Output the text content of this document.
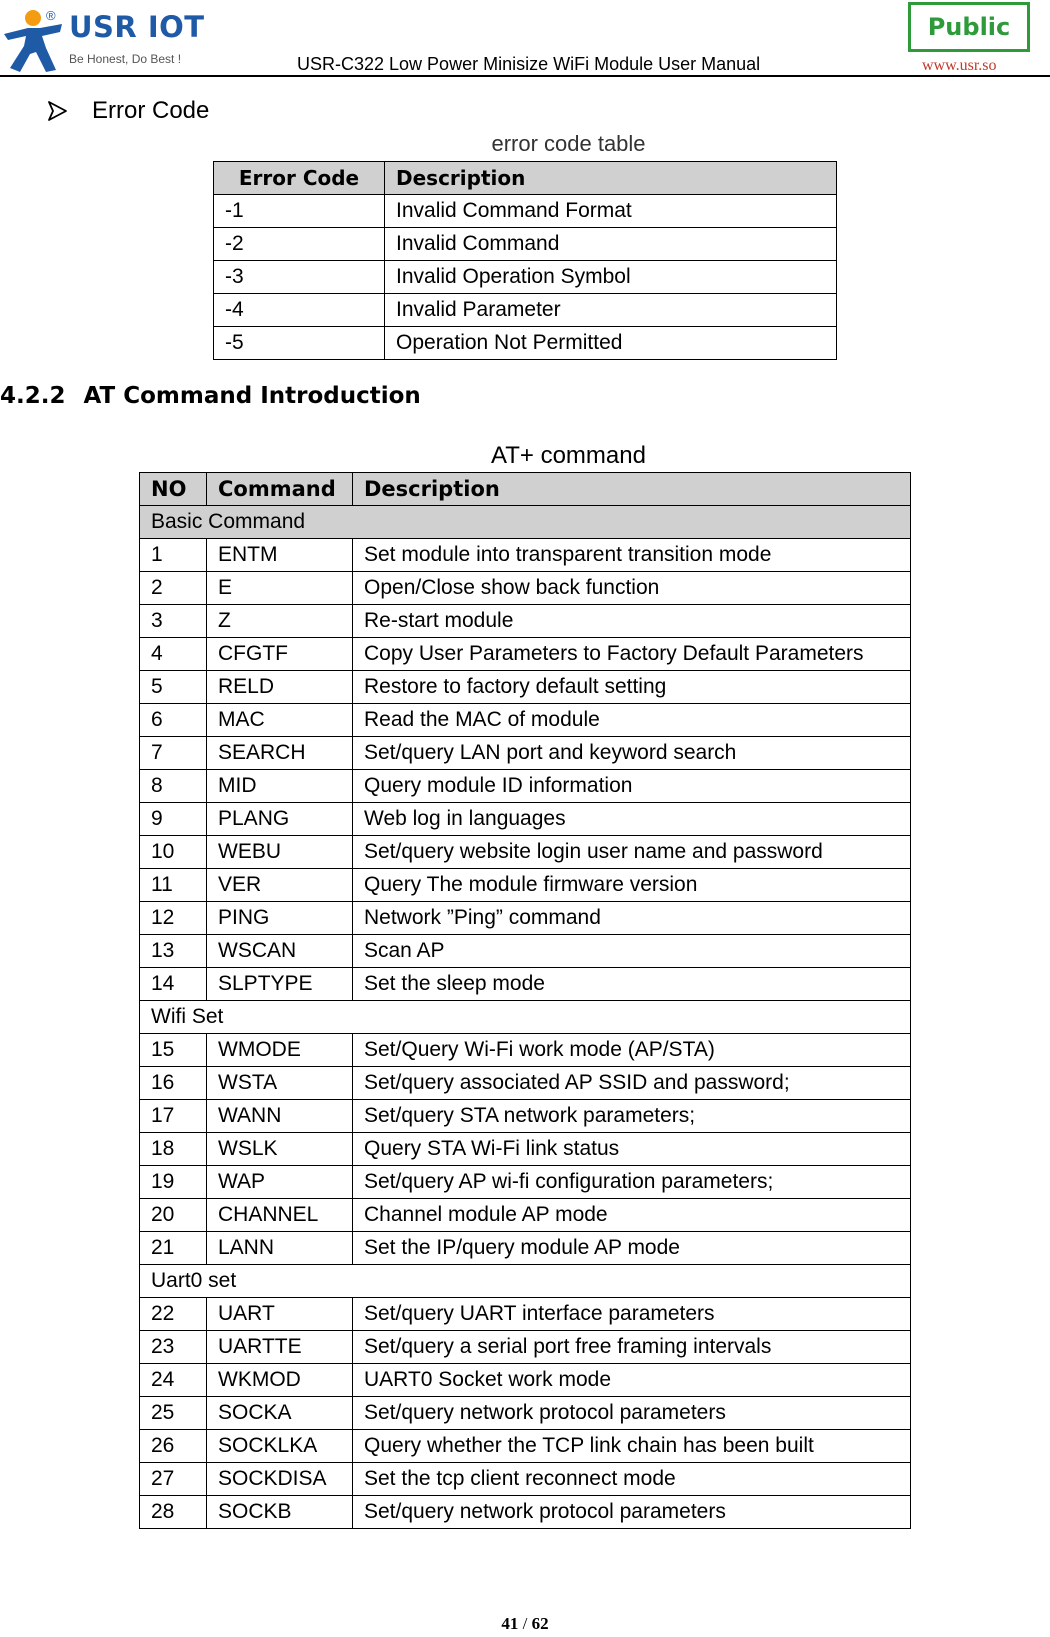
® USR IOT
Be Honest, Do Best !	USR-C322 Low Power Minisize WiFi Module User Manual
Public
www.usr.so
Error Code
error code table
Error Code	Description
-1	Invalid Command Format
-2	Invalid Command
-3	Invalid Operation Symbol
-4	Invalid Parameter
-5	Operation Not Permitted
4.2.2 AT Command Introduction
AT+ command
NO	Command	Description
Basic Command		
1	ENTM	Set module into transparent transition mode
2	E	Open/Close show back function
3	Z	Re-start module
4	CFGTF	Copy User Parameters to Factory Default Parameters
5	RELD	Restore to factory default setting
6	MAC	Read the MAC of module
7	SEARCH	Set/query LAN port and keyword search
8	MID	Query module ID information
9	PLANG	Web log in languages
10	WEBU	Set/query website login user name and password
11	VER	Query The module firmware version
12	PING	Network ”Ping” command
13	WSCAN	Scan AP
14	SLPTYPE	Set the sleep mode
Wifi Set		
15	WMODE	Set/Query Wi-Fi work mode (AP/STA)
16	WSTA	Set/query associated AP SSID and password;
17	WANN	Set/query STA network parameters;
18	WSLK	Query STA Wi-Fi link status
19	WAP	Set/query AP wi-fi configuration parameters;
20	CHANNEL	Channel module AP mode
21	LANN	Set the IP/query module AP mode
Uart0 set		
22	UART	Set/query UART interface parameters
23	UARTTE	Set/query a serial port free framing intervals
24	WKMOD	UART0 Socket work mode
25	SOCKA	Set/query network protocol parameters
26	SOCKLKA	Query whether the TCP link chain has been built
27	SOCKDISA	Set the tcp client reconnect mode
28	SOCKB	Set/query network protocol parameters
41 / 62
